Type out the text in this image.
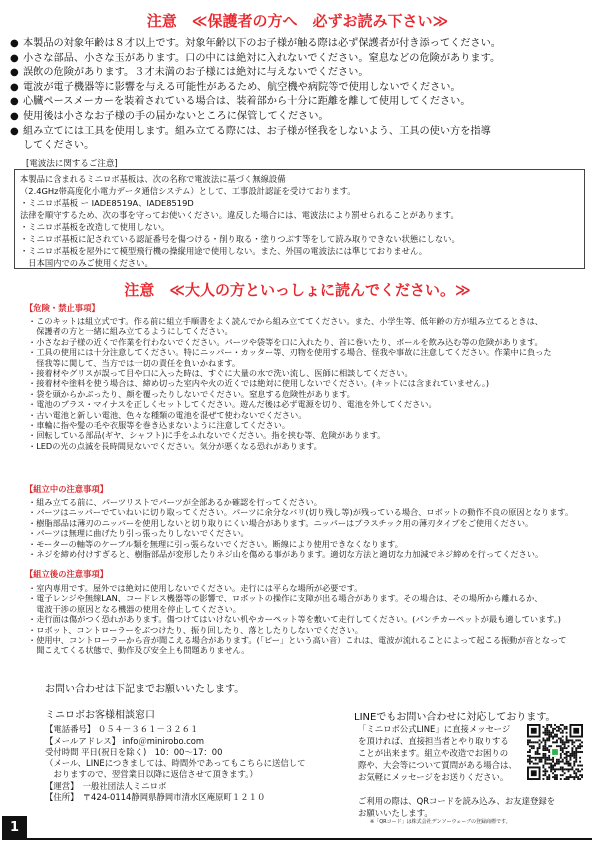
注意　≪保護者の方へ　必ずお読み下さい≫
● 本製品の対象年齢は８才以上です。対象年齢以下のお子様が触る際は必ず保護者が付き添ってください。
● 小さな部品、小さな玉があります。口の中には絶対に入れないでください。窒息などの危険があります。
● 誤飲の危険があります。３才未満のお子様には絶対に与えないでください。
● 電波が電子機器等に影響を与える可能性があるため、航空機や病院等で使用しないでください。
● 心臓ペースメーカーを装着されている場合は、装着部から十分に距離を離して使用してください。
● 使用後は小さなお子様の手の届かないところに保管してください。
● 組み立てには工具を使用します。組み立てる際には、お子様が怪我をしないよう、工具の使い方を指導
してください。
[電波法に関するご注意]
本製品に含まれるミニロボ基板は、次の名称で電波法に基づく無線設備
（2.4GHz帯高度化小電力データ通信システム）として、工事設計認証を受けております。
・ミニロボ基板 ー IADE8519A、IADE8519D
法律を順守するため、次の事を守ってお使いください。違反した場合には、電波法により罰せられることがあります。
・ミニロボ基板を改造して使用しない。
・ミニロボ基板に記されている認証番号を傷つける・削り取る・塗りつぶす等をして読み取りできない状態にしない。
・ミニロボ基板を屋外にて模型飛行機の操縦用途で使用しない。また、外国の電波法には準じておりません。
　日本国内でのみご使用ください。
注意　≪大人の方といっしょに読んでください。≫
【危険・禁止事項】
・このキットは組立式です。作る前に組立手順書をよく読んでから組み立ててください。また、小学生等、低年齢の方が組み立てるときは、
　保護者の方と一緒に組み立てるようにしてください。
・小さなお子様の近くで作業を行わないでください。パーツや袋等を口に入れたり、首に巻いたり、ボールを飲み込む等の危険があります。
・工具の使用には十分注意してください。特にニッパー・カッター等、刃物を使用する場合、怪我や事故に注意してください。作業中に負った
　怪我等に関して、当方では一切の責任を負いかねます。
・接着材やグリスが誤って目や口に入った時は、すぐに大量の水で洗い流し、医師に相談してください。
・接着材や塗料を使う場合は、締め切った室内や火の近くでは絶対に使用しないでください。(キットには含まれていません。)
・袋を頭からかぶったり、顔を覆ったりしないでください。窒息する危険性があります。
・電池のプラス・マイナスを正しくセットしてください。遊んだ後は必ず電源を切り、電池を外してください。
・古い電池と新しい電池、色々な種類の電池を混ぜて使わないでください。
・車輪に指や髪の毛や衣服等を巻き込まないように注意してください。
・回転している部品(ギヤ、シャフト)に手をふれないでください。指を挟む等、危険があります。
・LEDの光の点滅を長時間見ないでください。気分が悪くなる恐れがあります。
【組立中の注意事項】
・組み立てる前に、パーツリストでパーツが全部あるか確認を行ってください。
・パーツはニッパーでていねいに切り取ってください。パーツに余分なバリ(切り残し等)が残っている場合、ロボットの動作不良の原因となります。
・樹脂部品は薄刃のニッパーを使用しないと切り取りにくい場合があります。ニッパーはプラスチック用の薄刃タイプをご使用ください。
・パーツは無理に曲げたり引っ張ったりしないでください。
・モーターの軸等のケーブル類を無理に引っ張らないでください。断線により使用できなくなります。
・ネジを締め付けすぎると、樹脂部品が変形したりネジ山を傷める事があります。適切な方法と適切な力加減でネジ締めを行ってください。
【組立後の注意事項】
・室内専用です。屋外では絶対に使用しないでください。走行には平らな場所が必要です。
・電子レンジや無線LAN、コードレス機器等の影響で、ロボットの操作に支障が出る場合があります。その場合は、その場所から離れるか、
　電波干渉の原因となる機器の使用を停止してください。
・走行面は傷がつく恐れがあります。傷つけてはいけない机やカーペット等を敷いて走行してください。(パンチカーペットが最も適しています。)
・ロボット、コントローラーをぶつけたり、振り回したり、落としたりしないでください。
・使用中、コントローラーから音が聞こえる場合があります。(「ピー」という高い音）これは、電波が流れることによって起こる振動が音となって
　聞こえてくる状態で、動作及び安全上も問題ありません。
お問い合わせは下記までお願いいたします。
ミニロボお客様相談窓口
【電話番号】 ０５４－３６１－３２６１
【メールアドレス】 info＠minirobo.com
受付時間 平日(祝日を除く)　10：00～17：00
（メール、LINEにつきましては、時間外であってもこちらに送信して
　おりますので、翌営業日以降に返信させて頂きます。）
【運営】　一般社団法人ミニロボ
【住所】　〒424-0114静岡県静岡市清水区庵原町１２１０
LINEでもお問い合わせに対応しております。
「ミニロボ公式LINE」に直接メッセージ
を頂ければ、直接担当者とやり取りする
ことが出来ます。組立や改造でお困りの
際や、大会等について質問がある場合は、
お気軽にメッセージをお送りください。
ご利用の際は、QRコードを読み込み、お友達登録を
お願いいたします。
※「QRコード」は株式会社デンソーウェーブの登録商標です。
1
